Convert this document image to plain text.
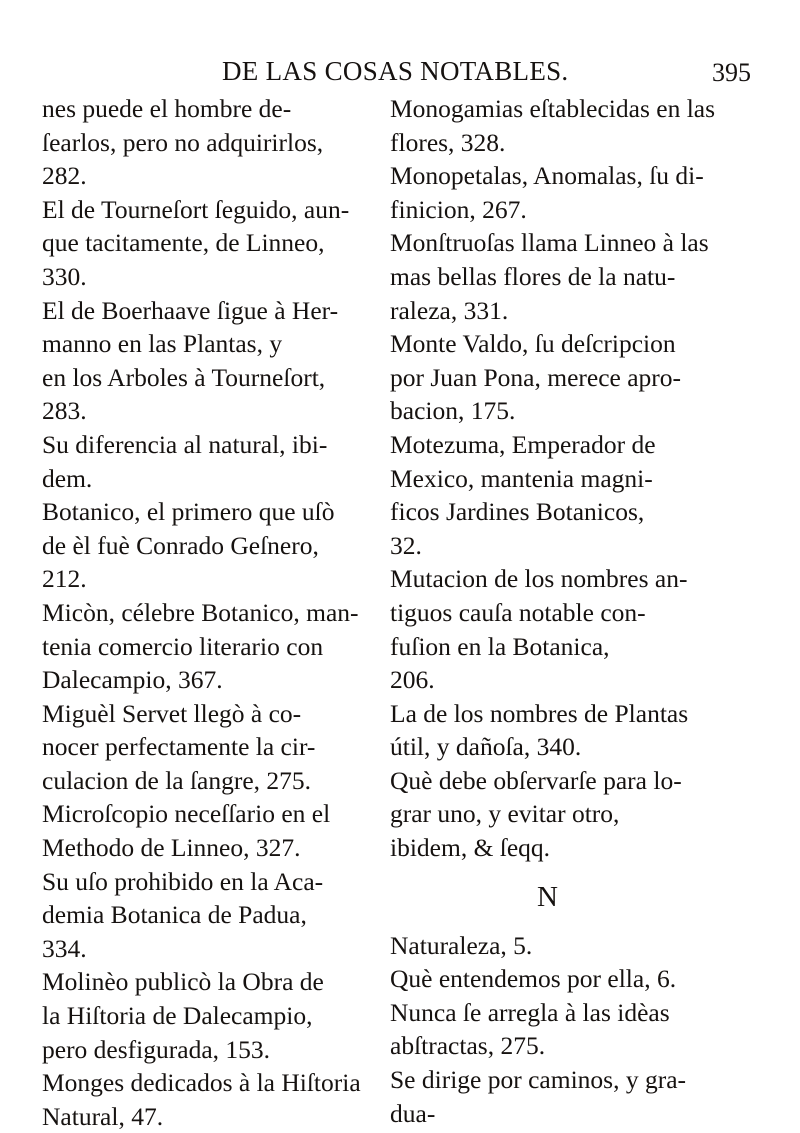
DE LAS COSAS NOTABLES.	395

nes puede el hombre de-
ſearlos, pero no adquirirlos,
282.

El de Tourneſort ſeguido, aun-
que tacitamente, de Linneo,
330.

El de Boerhaave ſigue à Her-
manno en las Plantas, y
en los Arboles à Tourneſort,
283.

Su diferencia al natural, ibi-
dem.

Botanico, el primero que uſò
de èl fuè Conrado Geſnero,
212.

Micòn, célebre Botanico, man-
tenia comercio literario con
Dalecampio, 367.

Miguèl Servet llegò à co-
nocer perfectamente la cir-
culacion de la ſangre, 275.

Microſcopio neceſſario en el
Methodo de Linneo, 327.

Su uſo prohibido en la Aca-
demia Botanica de Padua,
334.

Molinèo publicò la Obra de
la Hiſtoria de Dalecampio,
pero desfigurada, 153.

Monges dedicados à la Hiſtoria
Natural, 47.

Monogamias eſtablecidas en las
flores, 328.

Monopetalas, Anomalas, ſu di-
finicion, 267.

Monſtruoſas llama Linneo à las
mas bellas flores de la natu-
raleza, 331.

Monte Valdo, ſu deſcripcion
por Juan Pona, merece apro-
bacion, 175.

Motezuma, Emperador de
Mexico, mantenia magni-
ficos Jardines Botanicos,
32.

Mutacion de los nombres an-
tiguos cauſa notable con-
fuſion en la Botanica,
206.

La de los nombres de Plantas
útil, y dañoſa, 340.

Què debe obſervarſe para lo-
grar uno, y evitar otro,
ibidem, & ſeqq.

N

Naturaleza, 5.

Què entendemos por ella, 6.

Nunca ſe arregla à las idèas
abſtractas, 275.

Se dirige por caminos, y gra-
dua-
